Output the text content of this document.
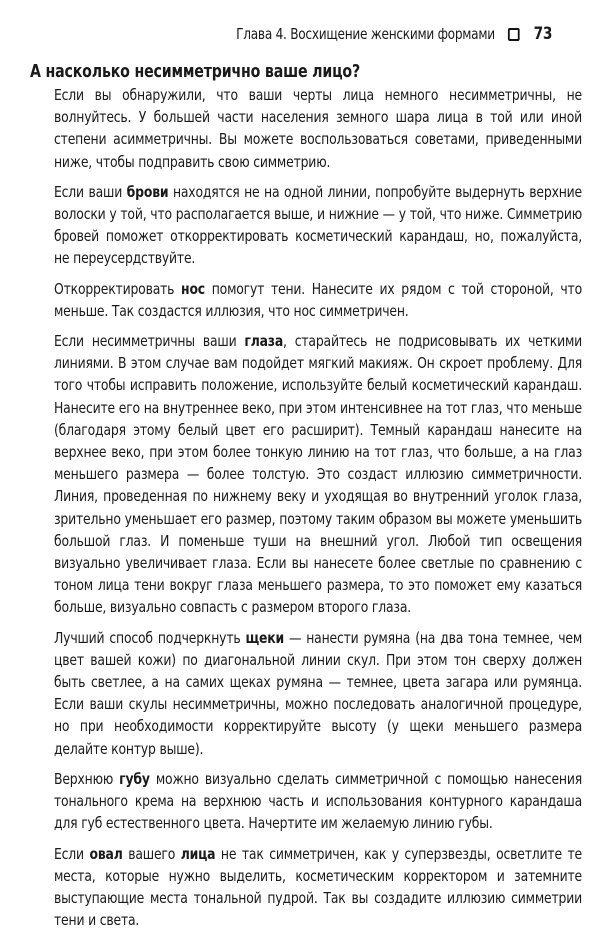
Глава 4. Восхищение женскими формами 73
А насколько несимметрично ваше лицо?

Если вы обнаружили, что ваши черты лица немного несимметричны, не волнуйтесь. У большей части населения земного шара лица в той или иной степени асимметричны. Вы можете воспользоваться советами, приведенными ниже, чтобы подправить свою симметрию.

Если ваши брови находятся не на одной линии, попробуйте выдернуть верхние волоски у той, что располагается выше, и нижние — у той, что ниже. Симметрию бровей поможет откорректировать косметический карандаш, но, пожалуйста, не переусердствуйте.

Откорректировать нос помогут тени. Нанесите их рядом с той стороной, что меньше. Так создастся иллюзия, что нос симметричен.

Если несимметричны ваши глаза, старайтесь не подрисовывать их четкими линиями. В этом случае вам подойдет мягкий макияж. Он скроет проблему. Для того чтобы исправить положение, используйте белый косметический карандаш. Нанесите его на внутреннее веко, при этом интенсивнее на тот глаз, что меньше (благодаря этому белый цвет его расширит). Темный карандаш нанесите на верхнее веко, при этом более тонкую линию на тот глаз, что больше, а на глаз меньшего размера — более толстую. Это создаст иллюзию симметричности. Линия, проведенная по нижнему веку и уходящая во внутренний уголок глаза, зрительно уменьшает его размер, поэтому таким образом вы можете уменьшить большой глаз. И поменьше туши на внешний угол. Любой тип освещения визуально увеличивает глаза. Если вы нанесете более светлые по сравнению с тоном лица тени вокруг глаза меньшего размера, то это поможет ему казаться больше, визуально совпасть с размером второго глаза.

Лучший способ подчеркнуть щеки — нанести румяна (на два тона темнее, чем цвет вашей кожи) по диагональной линии скул. При этом тон сверху должен быть светлее, а на самих щеках румяна — темнее, цвета загара или румянца. Если ваши скулы несимметричны, можно последовать аналогичной процедуре, но при необходимости корректируйте высоту (у щеки меньшего размера делайте контур выше).

Верхнюю губу можно визуально сделать симметричной с помощью нанесения тонального крема на верхнюю часть и использования контурного карандаша для губ естественного цвета. Начертите им желаемую линию губы.

Если овал вашего лица не так симметричен, как у суперзвезды, осветлите те места, которые нужно выделить, косметическим корректором и затемните выступающие места тональной пудрой. Так вы создадите иллюзию симметрии тени и света.
